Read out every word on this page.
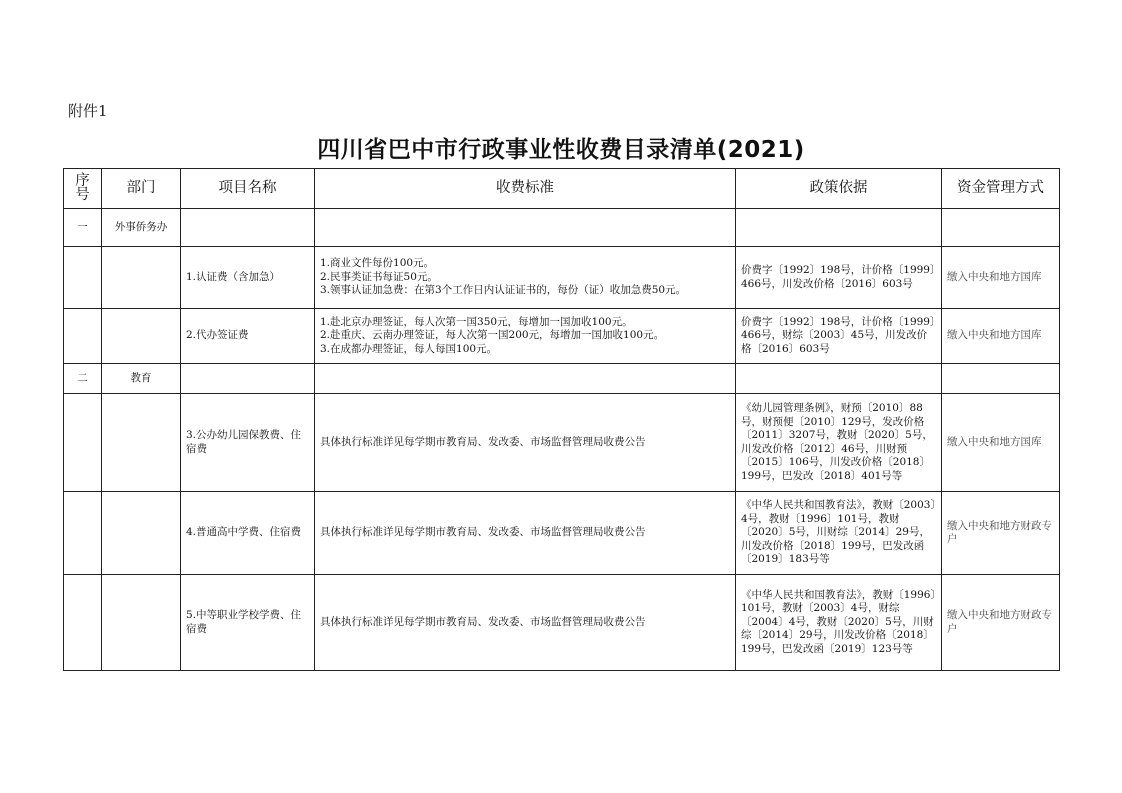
附件1
四川省巴中市行政事业性收费目录清单(2021)
序号	部门	项目名称	收费标准	政策依据	资金管理方式
一	外事侨务办				
		1.认证费（含加急）	1.商业文件每份100元。
2.民事类证书每证50元。
3.领事认证加急费：在第3个工作日内认证证书的，每份（证）收加急费50元。	价费字〔1992〕198号，计价格〔1999〕466号，川发改价格〔2016〕603号	缴入中央和地方国库
		2.代办签证费	1.赴北京办理签证，每人次第一国350元，每增加一国加收100元。
2.赴重庆、云南办理签证，每人次第一国200元，每增加一国加收100元。
3.在成都办理签证，每人每国100元。	价费字〔1992〕198号，计价格〔1999〕466号，财综〔2003〕45号，川发改价格〔2016〕603号	缴入中央和地方国库
二	教育				
		3.公办幼儿园保教费、住宿费	具体执行标准详见每学期市教育局、发改委、市场监督管理局收费公告	《幼儿园管理条例》，财预〔2010〕88号，财预便〔2010〕129号，发改价格〔2011〕3207号，教财〔2020〕5号，川发改价格〔2012〕46号，川财预〔2015〕106号，川发改价格〔2018〕199号，巴发改〔2018〕401号等	缴入中央和地方国库
		4.普通高中学费、住宿费	具体执行标准详见每学期市教育局、发改委、市场监督管理局收费公告	《中华人民共和国教育法》，教财〔2003〕4号，教财〔1996〕101号，教财〔2020〕5号，川财综〔2014〕29号，川发改价格〔2018〕199号，巴发改函〔2019〕183号等	缴入中央和地方财政专户
		5.中等职业学校学费、住宿费	具体执行标准详见每学期市教育局、发改委、市场监督管理局收费公告	《中华人民共和国教育法》，教财〔1996〕101号，教财〔2003〕4号，财综〔2004〕4号，教财〔2020〕5号，川财综〔2014〕29号，川发改价格〔2018〕199号，巴发改函〔2019〕123号等	缴入中央和地方财政专户
